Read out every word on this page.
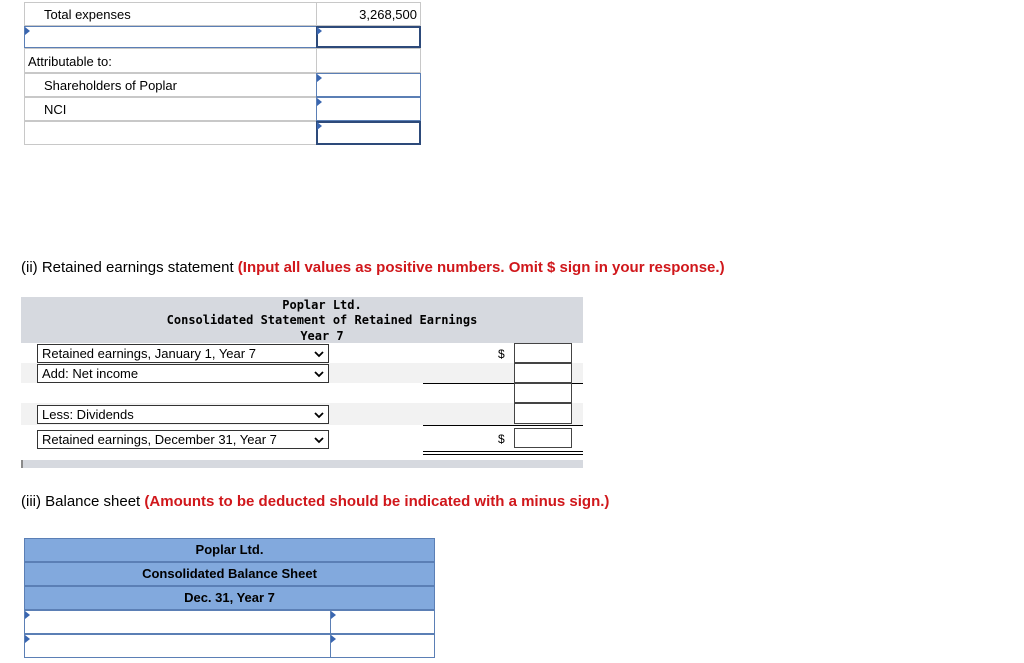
Total expenses	3,268,500
Attributable to:
Shareholders of Poplar
NCI
(ii) Retained earnings statement (Input all values as positive numbers. Omit $ sign in your response.)
Poplar Ltd.
Consolidated Statement of Retained Earnings
Year 7
Retained earnings, January 1, Year 7	$
Add: Net income
Less: Dividends
Retained earnings, December 31, Year 7	$
(iii) Balance sheet (Amounts to be deducted should be indicated with a minus sign.)
Poplar Ltd.
Consolidated Balance Sheet
Dec. 31, Year 7
